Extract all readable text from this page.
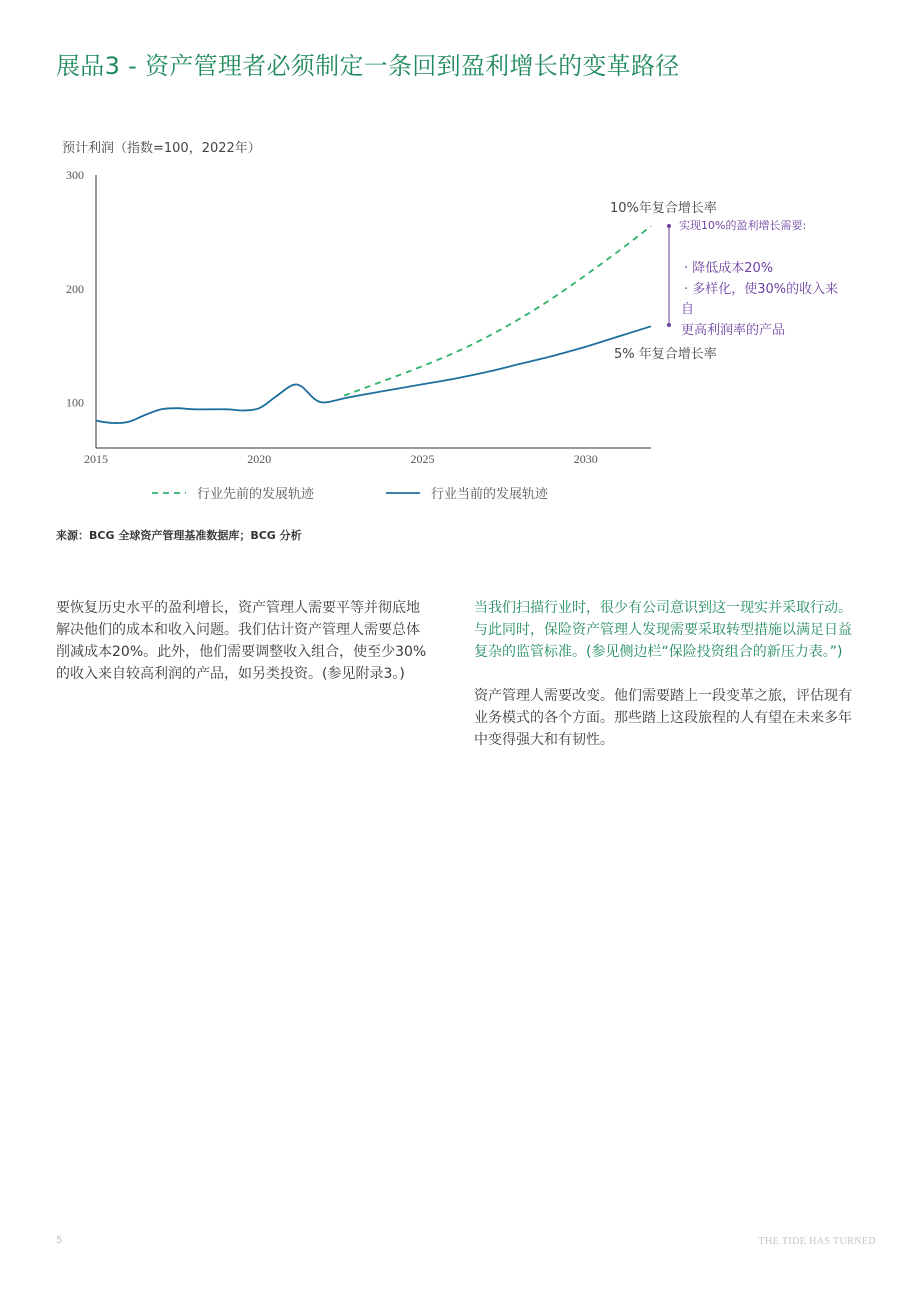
展品3 - 资产管理者必须制定一条回到盈利增长的变革路径
预计利润（指数=100，2022年）
300
200
100
2015	2020	2025	2030
10%年复合增长率
5% 年复合增长率
实现10%的盈利增长需要:
· 降低成本20%
· 多样化，使30%的收入来
自
更高利润率的产品
行业先前的发展轨迹	行业当前的发展轨迹
来源：BCG 全球资产管理基准数据库；BCG 分析

要恢复历史水平的盈利增长，资产管理人需要平等并彻底地解决他们的成本和收入问题。我们估计资产管理人需要总体削减成本20%。此外，他们需要调整收入组合，使至少30%的收入来自较高利润的产品，如另类投资。(参见附录3。)

当我们扫描行业时，很少有公司意识到这一现实并采取行动。与此同时，保险资产管理人发现需要采取转型措施以满足日益复杂的监管标准。(参见侧边栏“保险投资组合的新压力表。”)

资产管理人需要改变。他们需要踏上一段变革之旅，评估现有业务模式的各个方面。那些踏上这段旅程的人有望在未来多年中变得强大和有韧性。

5	THE TIDE HAS TURNED
